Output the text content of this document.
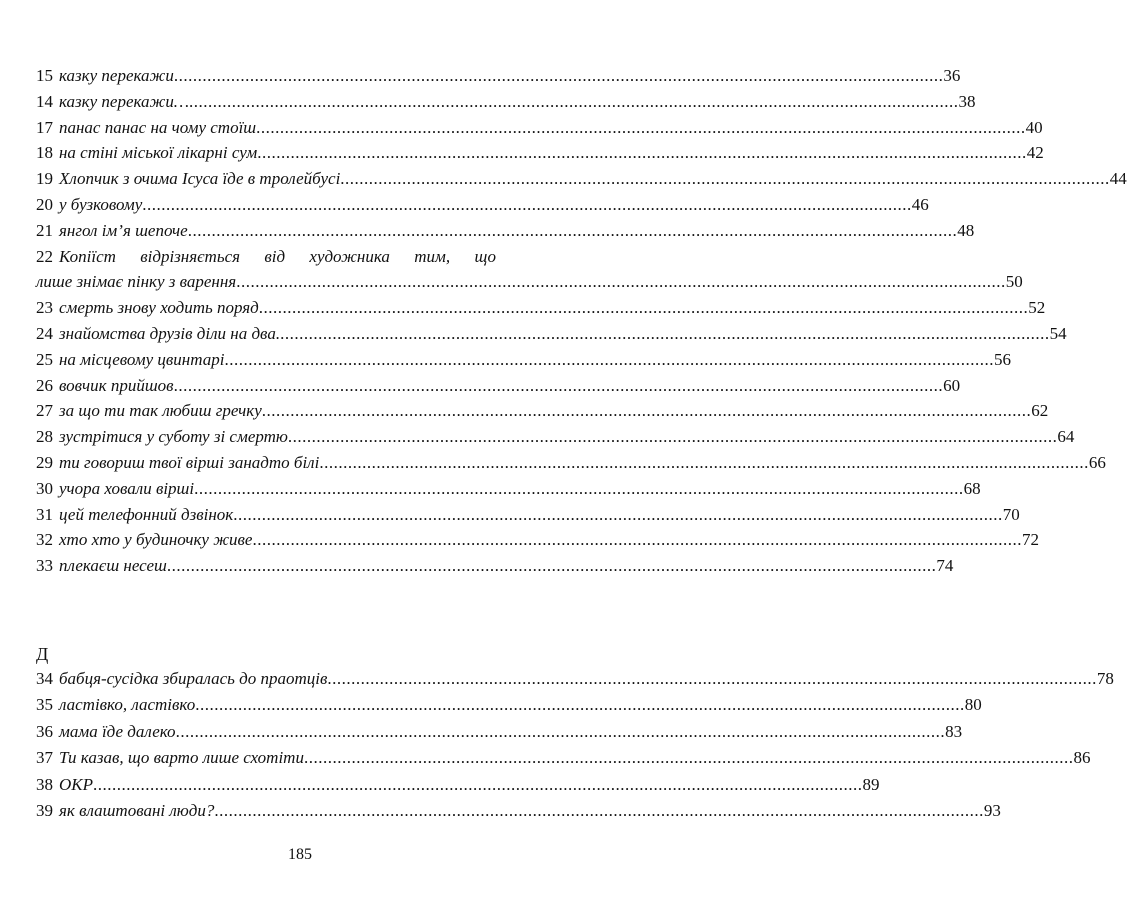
15 казку перекажи .....	36
14 казку перекажи… .....	38
17 панас панас на чому стоїш .....	40
18 на стіні міської лікарні сум .....	42
19 Хлопчик з очима Ісуса їде в тролейбусі .....	44
20 у бузковому .....	46
21 янгол ім’я шепоче .....	48
22 Копіїст відрізняється від художника тим, що
лише знімає пінку з варення .....	50
23 смерть знову ходить поряд .....	52
24 знайомства друзів діли на два. .....	54
25 на місцевому цвинтарі .....	56
26 вовчик прийшов .....	60
27 за що ти так любиш гречку .....	62
28 зустрітися у суботу зі смертю .....	64
29 ти говориш твої вірші занадто білі .....	66
30 учора ховали вірші .....	68
31 цей телефонний дзвінок .....	70
32 хто хто у будиночку живе .....	72
33 плекаєш несеш .....	74
Д
34 бабця-сусідка збиралась до праотців .....	78
35 ластівко, ластівко .....	80
36 мама їде далеко .....	83
37 Ти казав, що варто лише схотіти .....	86
38 ОКР .....	89
39 як влаштовані люди? .....	93
185
